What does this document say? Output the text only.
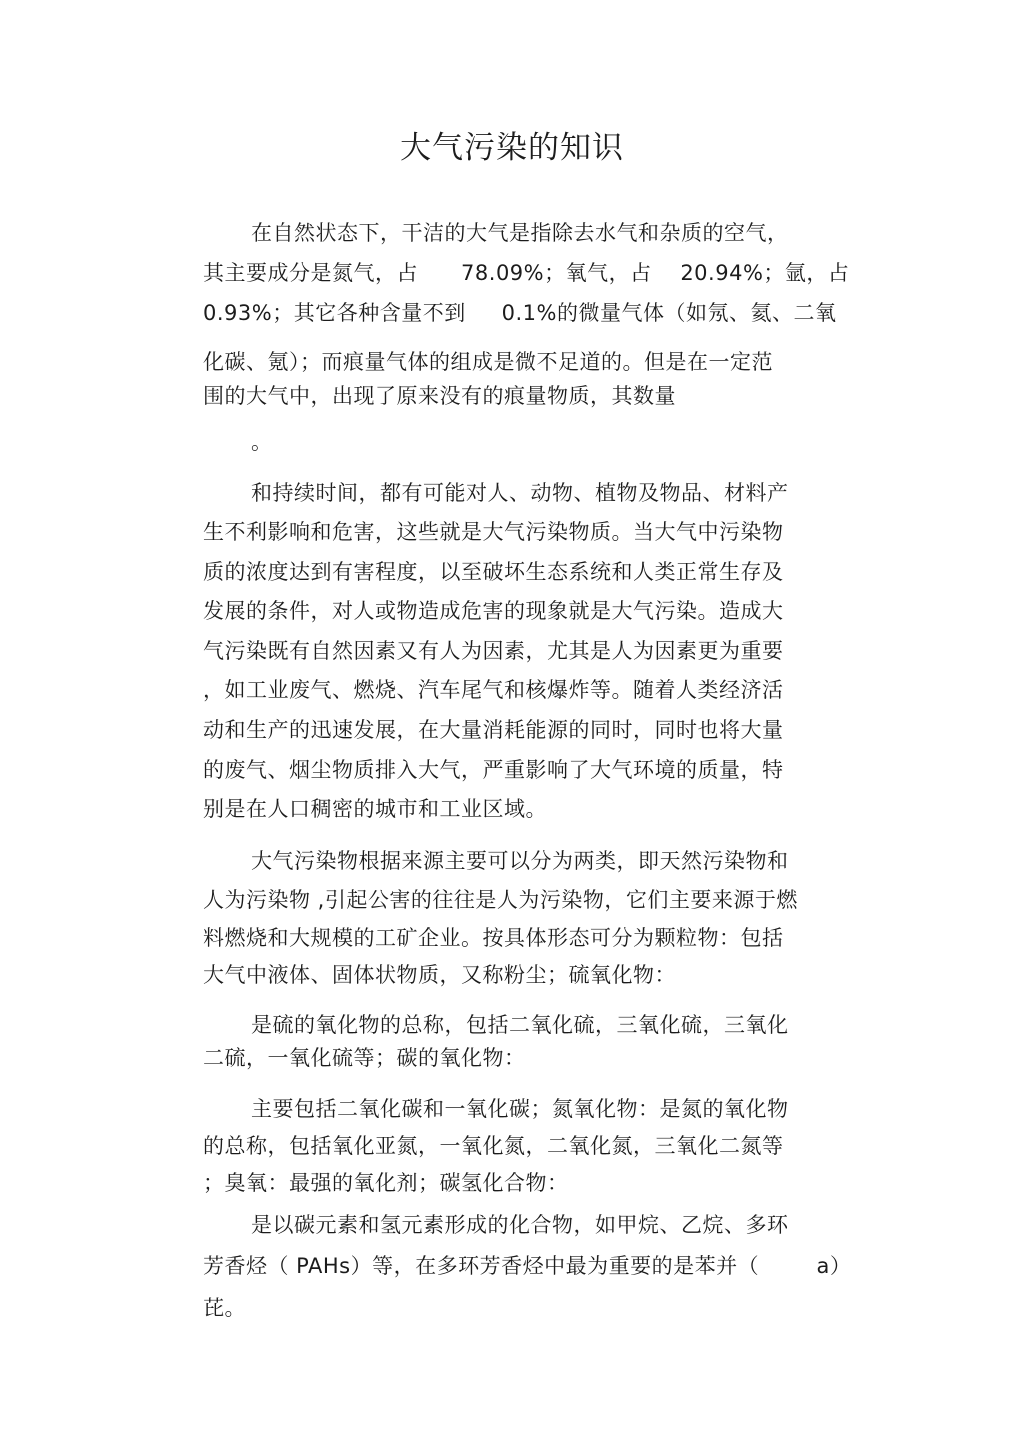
大气污染的知识

在自然状态下，干洁的大气是指除去水气和杂质的空气，

其主要成分是氮气，占      78.09%；氧气，占    20.94%；氩，占

0.93%；其它各种含量不到     0.1%的微量气体（如氖、氦、二氧

化碳、氪）；而痕量气体的组成是微不足道的。但是在一定范

围的大气中，出现了原来没有的痕量物质，其数量

。

和持续时间，都有可能对人、动物、植物及物品、材料产

生不利影响和危害，这些就是大气污染物质。当大气中污染物

质的浓度达到有害程度，以至破坏生态系统和人类正常生存及

发展的条件，对人或物造成危害的现象就是大气污染。造成大

气污染既有自然因素又有人为因素，尤其是人为因素更为重要

，如工业废气、燃烧、汽车尾气和核爆炸等。随着人类经济活

动和生产的迅速发展，在大量消耗能源的同时，同时也将大量

的废气、烟尘物质排入大气，严重影响了大气环境的质量，特

别是在人口稠密的城市和工业区域。

大气污染物根据来源主要可以分为两类，即天然污染物和

人为污染物 ,引起公害的往往是人为污染物，它们主要来源于燃

料燃烧和大规模的工矿企业。按具体形态可分为颗粒物：包括

大气中液体、固体状物质，又称粉尘；硫氧化物：

是硫的氧化物的总称，包括二氧化硫，三氧化硫，三氧化

二硫，一氧化硫等；碳的氧化物：

主要包括二氧化碳和一氧化碳；氮氧化物：是氮的氧化物

的总称，包括氧化亚氮，一氧化氮，二氧化氮，三氧化二氮等

；臭氧：最强的氧化剂；碳氢化合物：

是以碳元素和氢元素形成的化合物，如甲烷、乙烷、多环

芳香烃（ PAHs）等，在多环芳香烃中最为重要的是苯并（        a）

芘。
